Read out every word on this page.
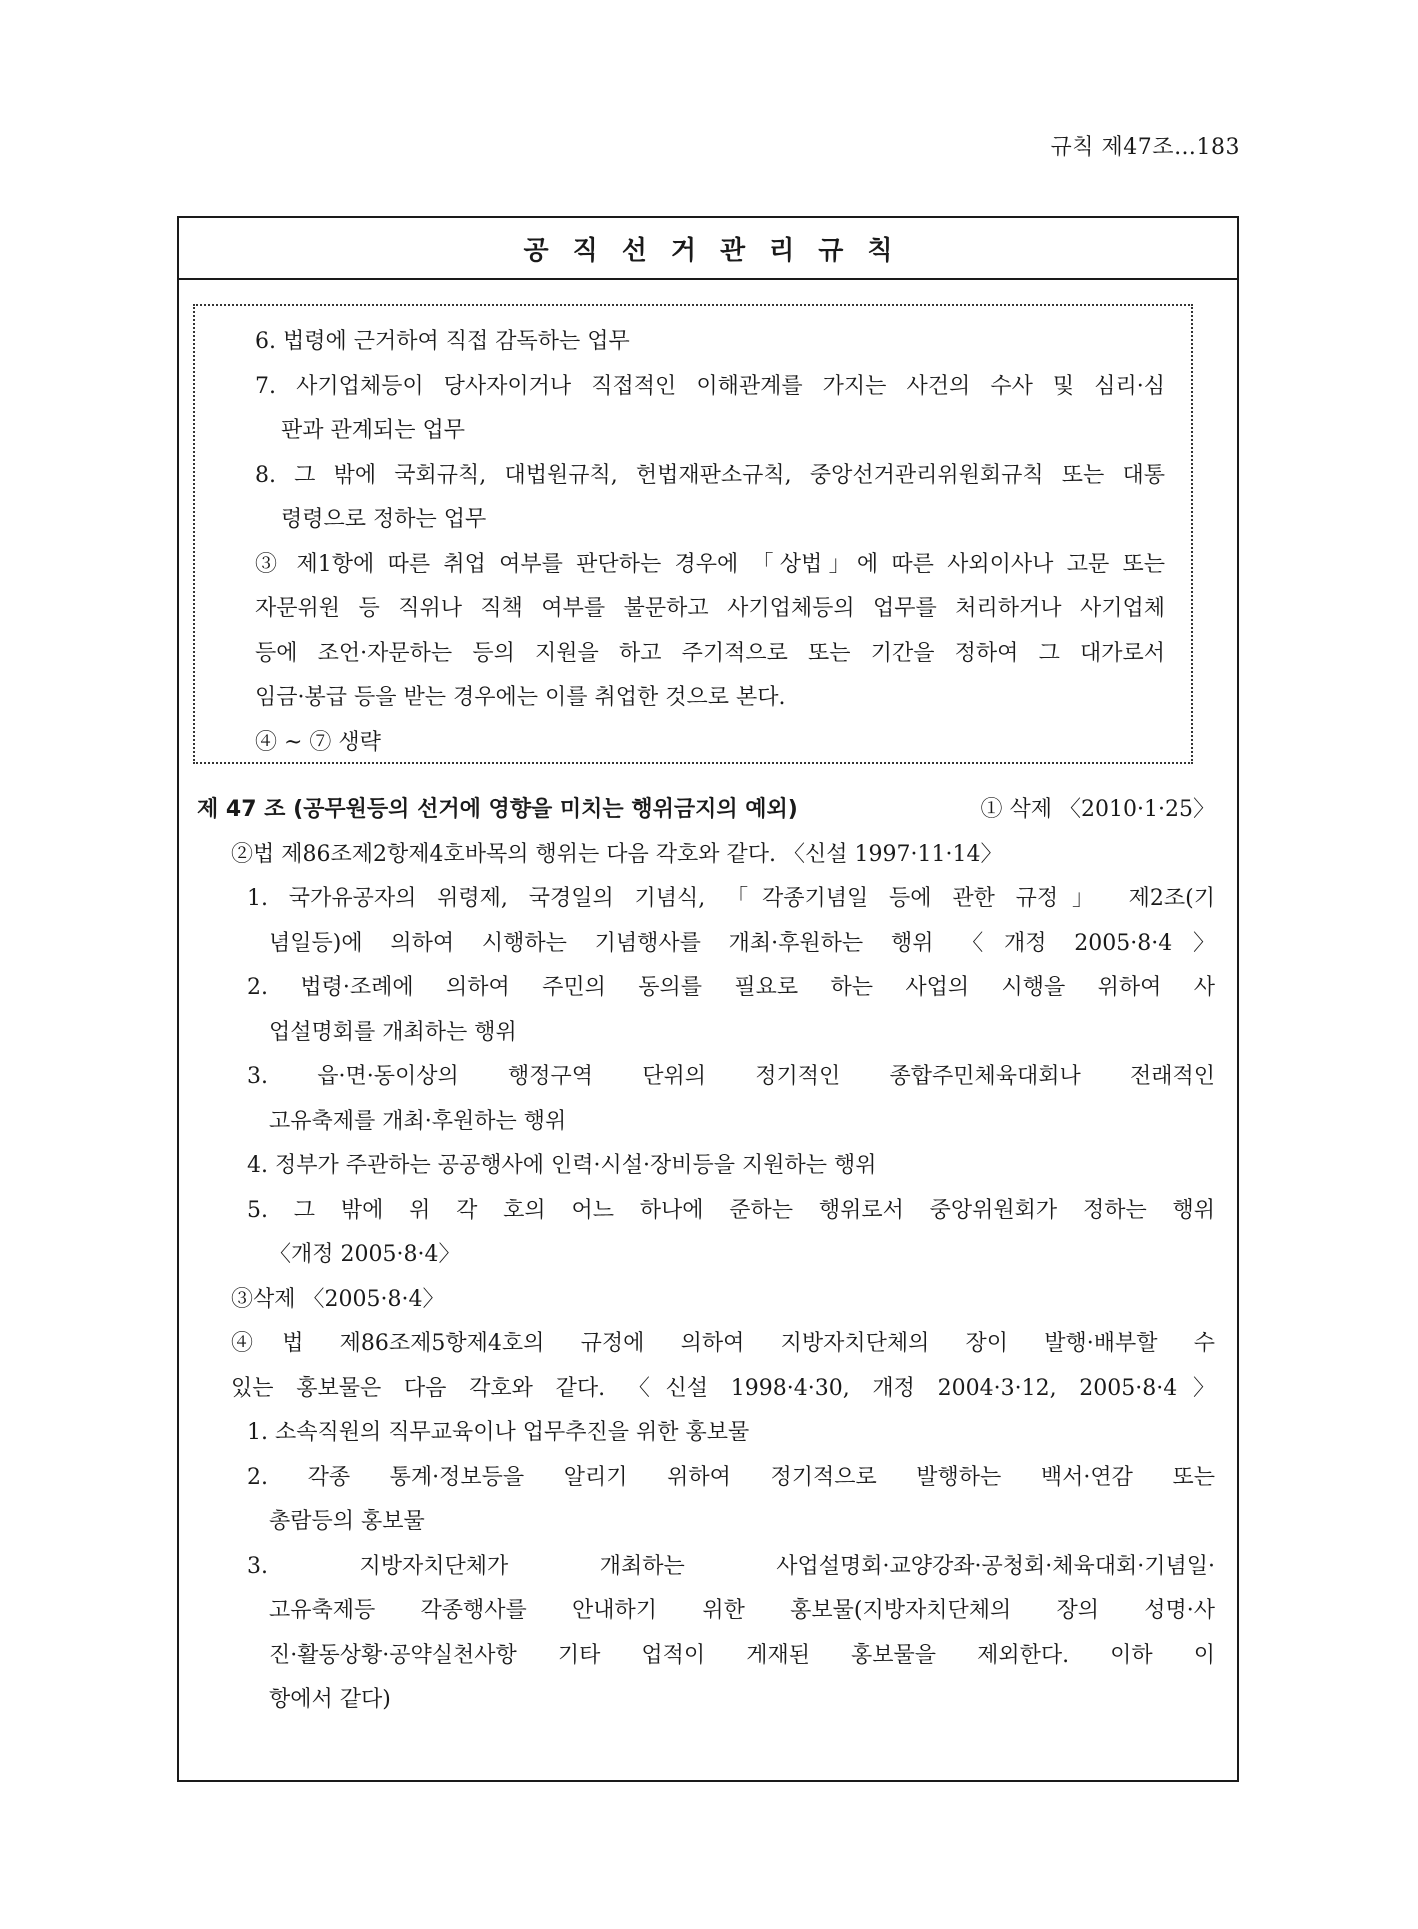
규칙 제47조…183
공직선거관리규칙
6. 법령에 근거하여 직접 감독하는 업무
7. 사기업체등이 당사자이거나 직접적인 이해관계를 가지는 사건의 수사 및 심리·심
판과 관계되는 업무
8. 그 밖에 국회규칙, 대법원규칙, 헌법재판소규칙, 중앙선거관리위원회규칙 또는 대통
령령으로 정하는 업무
③ 제1항에 따른 취업 여부를 판단하는 경우에 「상법」에 따른 사외이사나 고문 또는
자문위원 등 직위나 직책 여부를 불문하고 사기업체등의 업무를 처리하거나 사기업체
등에 조언·자문하는 등의 지원을 하고 주기적으로 또는 기간을 정하여 그 대가로서
임금·봉급 등을 받는 경우에는 이를 취업한 것으로 본다.
④ ~ ⑦ 생략
제 47 조 (공무원등의 선거에 영향을 미치는 행위금지의 예외)	① 삭제 〈2010·1·25〉
②법 제86조제2항제4호바목의 행위는 다음 각호와 같다. 〈신설 1997·11·14〉
1. 국가유공자의 위령제, 국경일의 기념식, 「각종기념일 등에 관한 규정」 제2조(기
념일등)에 의하여 시행하는 기념행사를 개최·후원하는 행위 〈개정 2005·8·4〉
2. 법령·조례에 의하여 주민의 동의를 필요로 하는 사업의 시행을 위하여 사
업설명회를 개최하는 행위
3. 읍·면·동이상의 행정구역 단위의 정기적인 종합주민체육대회나 전래적인
고유축제를 개최·후원하는 행위
4. 정부가 주관하는 공공행사에 인력·시설·장비등을 지원하는 행위
5. 그 밖에 위 각 호의 어느 하나에 준하는 행위로서 중앙위원회가 정하는 행위
〈개정 2005·8·4〉
③삭제 〈2005·8·4〉
④법 제86조제5항제4호의 규정에 의하여 지방자치단체의 장이 발행·배부할 수
있는 홍보물은 다음 각호와 같다. 〈신설 1998·4·30, 개정 2004·3·12, 2005·8·4〉
1. 소속직원의 직무교육이나 업무추진을 위한 홍보물
2. 각종 통계·정보등을 알리기 위하여 정기적으로 발행하는 백서·연감 또는
총람등의 홍보물
3. 지방자치단체가 개최하는 사업설명회·교양강좌·공청회·체육대회·기념일·
고유축제등 각종행사를 안내하기 위한 홍보물(지방자치단체의 장의 성명·사
진·활동상황·공약실천사항 기타 업적이 게재된 홍보물을 제외한다. 이하 이
항에서 같다)
